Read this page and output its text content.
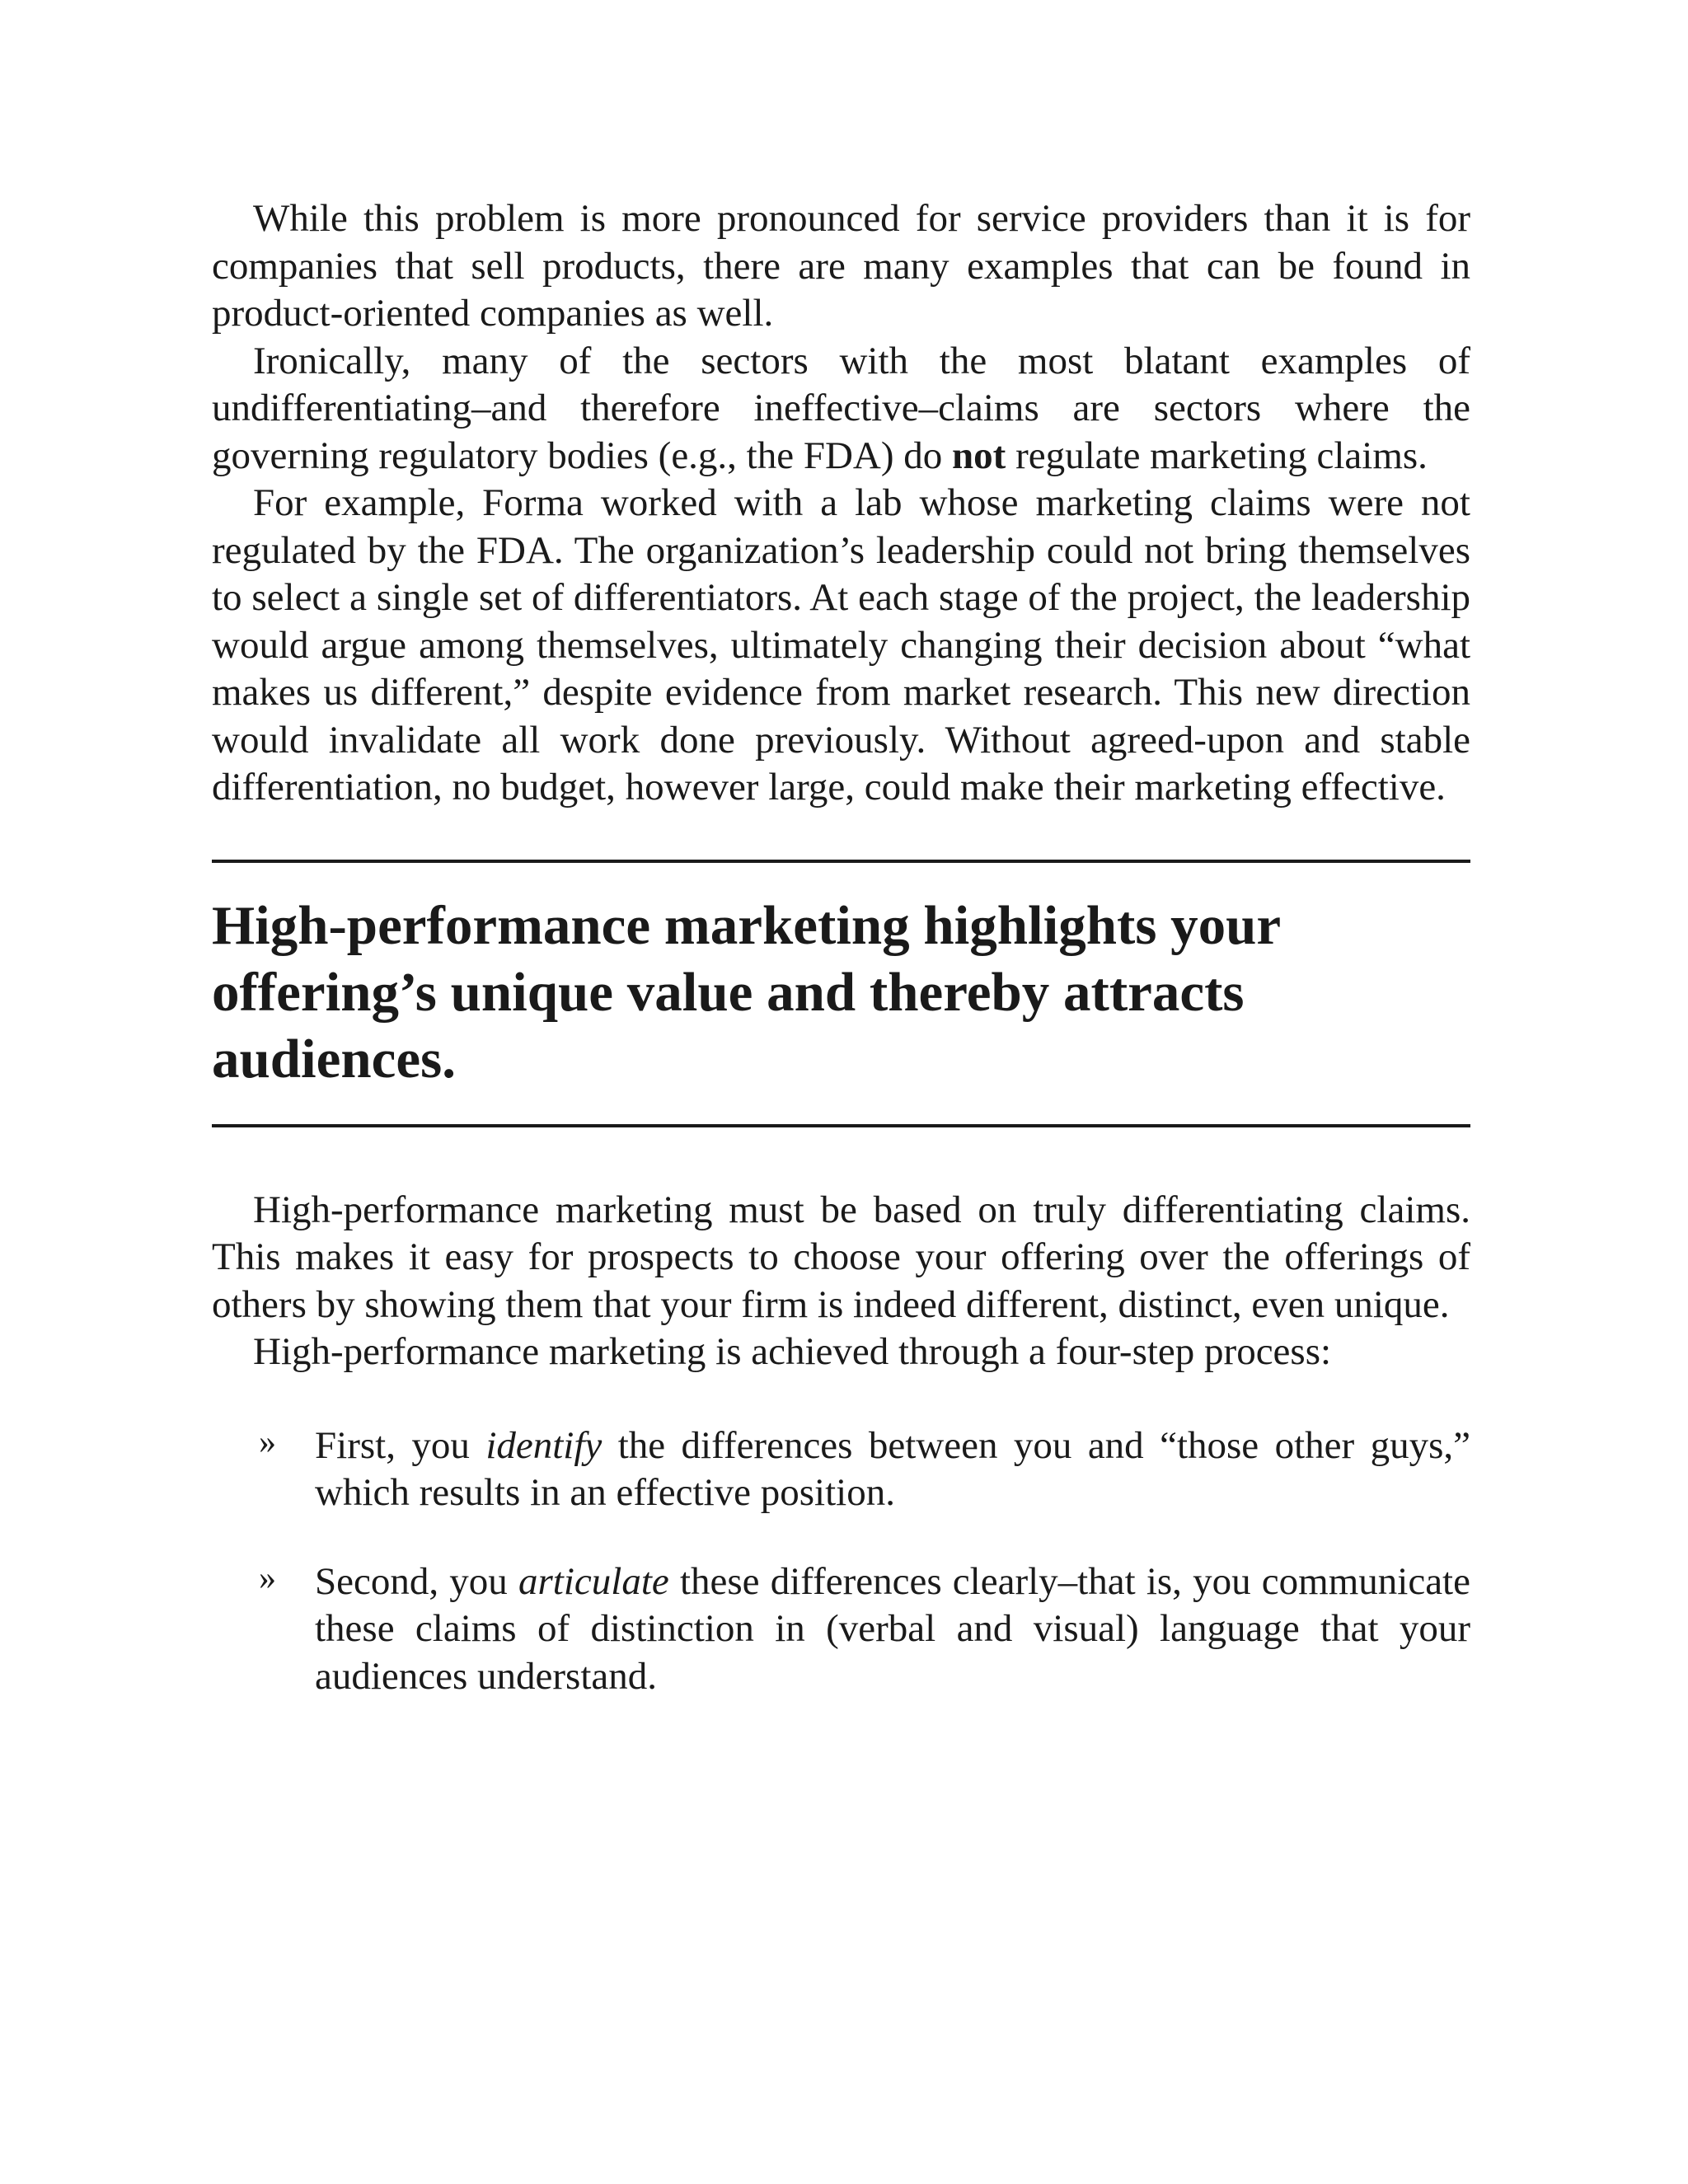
While this problem is more pronounced for service providers than it is for companies that sell products, there are many examples that can be found in product-oriented companies as well.

Ironically, many of the sectors with the most blatant examples of undifferentiating–and therefore ineffective–claims are sectors where the governing regulatory bodies (e.g., the FDA) do not regulate marketing claims.

For example, Forma worked with a lab whose marketing claims were not regulated by the FDA. The organization’s leadership could not bring themselves to select a single set of differentiators. At each stage of the project, the leadership would argue among themselves, ultimately changing their decision about “what makes us different,” despite evidence from market research. This new direction would invalidate all work done previously. Without agreed-upon and stable differentiation, no budget, however large, could make their marketing effective.

High-performance marketing highlights your offering’s unique value and thereby attracts audiences.

High-performance marketing must be based on truly differentiating claims. This makes it easy for prospects to choose your offering over the offerings of others by showing them that your firm is indeed different, distinct, even unique.

High-performance marketing is achieved through a four-step process:

» First, you identify the differences between you and “those other guys,” which results in an effective position.
» Second, you articulate these differences clearly–that is, you communicate these claims of distinction in (verbal and visual) language that your audiences understand.
